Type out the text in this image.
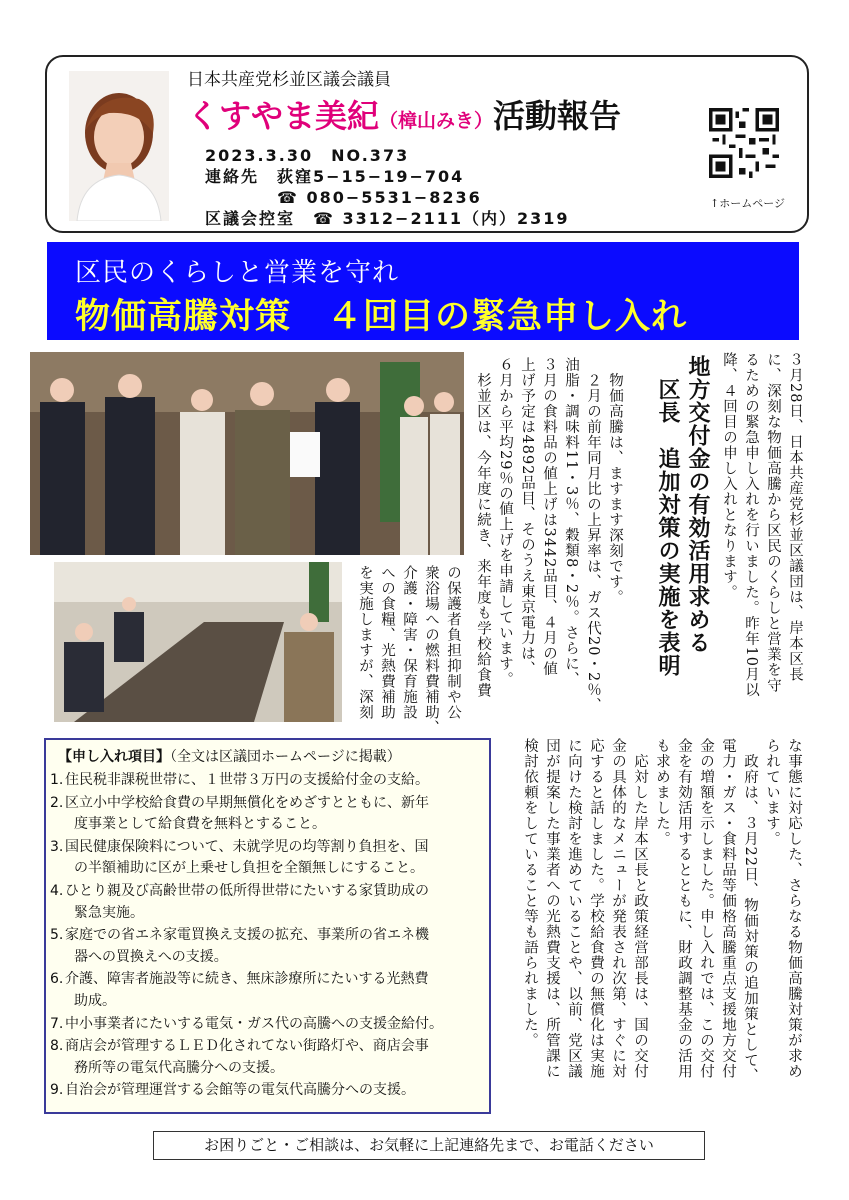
日本共産党杉並区議会議員
くすやま美紀（樟山みき）活動報告
2023.3.30　NO.373
連絡先　荻窪5−15−19−704
　　　　☎ 080−5531−8236
区議会控室　☎ 3312−2111（内）2319
↑ホームページ
区民のくらしと営業を守れ
物価高騰対策　４回目の緊急申し入れ
３月28日、日本共産党杉並区議団は、岸本区長
に、深刻な物価高騰から区民のくらしと営業を守
るための緊急申し入れを行いました。昨年10月以
降、４回目の申し入れとなります。
地方交付金の有効活用求める
　区長　追加対策の実施を表明
　物価高騰は、ますます深刻です。
　２月の前年同月比の上昇率は、ガス代20・2％、
油脂・調味料11・3％、穀類8・2％。さらに、
３月の食料品の値上げは3442品目、４月の値
上げ予定は4892品目、そのうえ東京電力は、
６月から平均29％の値上げを申請しています。
　杉並区は、今年度に続き、来年度も学校給食費
の保護者負担抑制や公
衆浴場への燃料費補助、
介護・障害・保育施設
への食糧、光熱費補助
を実施しますが、深刻
な事態に対応した、さらなる物価高騰対策が求め
られています。
　政府は、３月22日、物価対策の追加策として、
電力・ガス・食料品等価格高騰重点支援地方交付
金の増額を示しました。申し入れでは、この交付
金を有効活用するとともに、財政調整基金の活用
も求めました。
　応対した岸本区長と政策経営部長は、国の交付
金の具体的なメニューが発表され次第、すぐに対
応すると話しました。学校給食費の無償化は実施
に向けた検討を進めていることや、以前、党区議
団が提案した事業者への光熱費支援は、所管課に
検討依頼をしていること等も語られました。
【申し入れ項目】（全文は区議団ホームページに掲載）
1. 住民税非課税世帯に、１世帯３万円の支援給付金の支給。
2. 区立小中学校給食費の早期無償化をめざすとともに、新年
度事業として給食費を無料とすること。
3. 国民健康保険料について、未就学児の均等割り負担を、国
の半額補助に区が上乗せし負担を全額無しにすること。
4. ひとり親及び高齢世帯の低所得世帯にたいする家賃助成の
緊急実施。
5. 家庭での省エネ家電買換え支援の拡充、事業所の省エネ機
器への買換えへの支援。
6. 介護、障害者施設等に続き、無床診療所にたいする光熱費
助成。
7. 中小事業者にたいする電気・ガス代の高騰への支援金給付。
8. 商店会が管理するＬＥＤ化されてない街路灯や、商店会事
務所等の電気代高騰分への支援。
9. 自治会が管理運営する会館等の電気代高騰分への支援。
お困りごと・ご相談は、お気軽に上記連絡先まで、お電話ください
